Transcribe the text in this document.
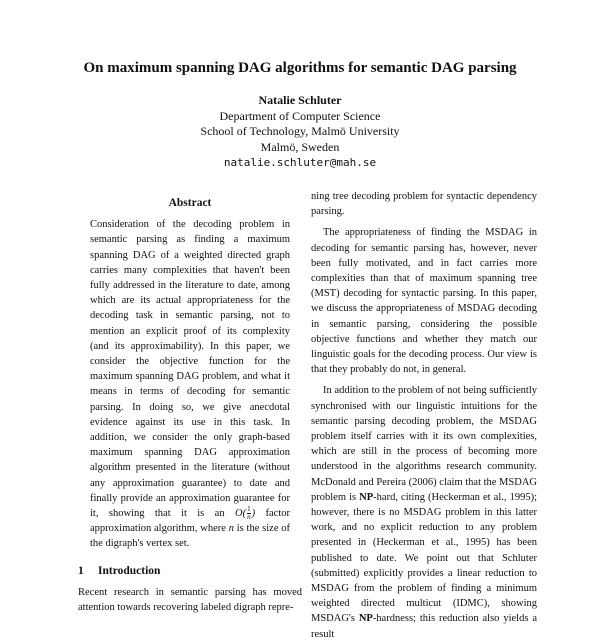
On maximum spanning DAG algorithms for semantic DAG parsing
Natalie Schluter
Department of Computer Science
School of Technology, Malmö University
Malmö, Sweden
natalie.schluter@mah.se
Abstract

Consideration of the decoding problem in semantic parsing as finding a maximum spanning DAG of a weighted directed graph carries many complexities that haven't been fully addressed in the literature to date, among which are its actual appropriateness for the decoding task in semantic parsing, not to mention an explicit proof of its complexity (and its approximability). In this paper, we consider the objective function for the maximum spanning DAG problem, and what it means in terms of decoding for semantic parsing. In doing so, we give anecdotal evidence against its use in this task. In addition, we consider the only graph-based maximum spanning DAG approximation algorithm presented in the literature (without any approximation guarantee) to date and finally provide an approximation guarantee for it, showing that it is an $O( \frac{1}{n}$ ) factor approximation algorithm, where n is the size of the digraph's vertex set.

1 Introduction

Recent research in semantic parsing has moved attention towards recovering labeled digraph repre-

ning tree decoding problem for syntactic dependency parsing.

The appropriateness of finding the MSDAG in decoding for semantic parsing has, however, never been fully motivated, and in fact carries more complexities than that of maximum spanning tree (MST) decoding for syntactic parsing. In this paper, we discuss the appropriateness of MSDAG decoding in semantic parsing, considering the possible objective functions and whether they match our linguistic goals for the decoding process. Our view is that they probably do not, in general.

In addition to the problem of not being sufficiently synchronised with our linguistic intuitions for the semantic parsing decoding problem, the MSDAG problem itself carries with it its own complexities, which are still in the process of becoming more understood in the algorithms research community. McDonald and Pereira (2006) claim that the MSDAG problem is NP-hard, citing (Heckerman et al., 1995); however, there is no MSDAG problem in this latter work, and no explicit reduction to any problem presented in (Heckerman et al., 1995) has been published to date. We point out that Schluter (submitted) explicitly provides a linear reduction to MSDAG from the problem of finding a minimum weighted directed multicut (IDMC), showing MSDAG's NP-hardness; this reduction also yields a result
